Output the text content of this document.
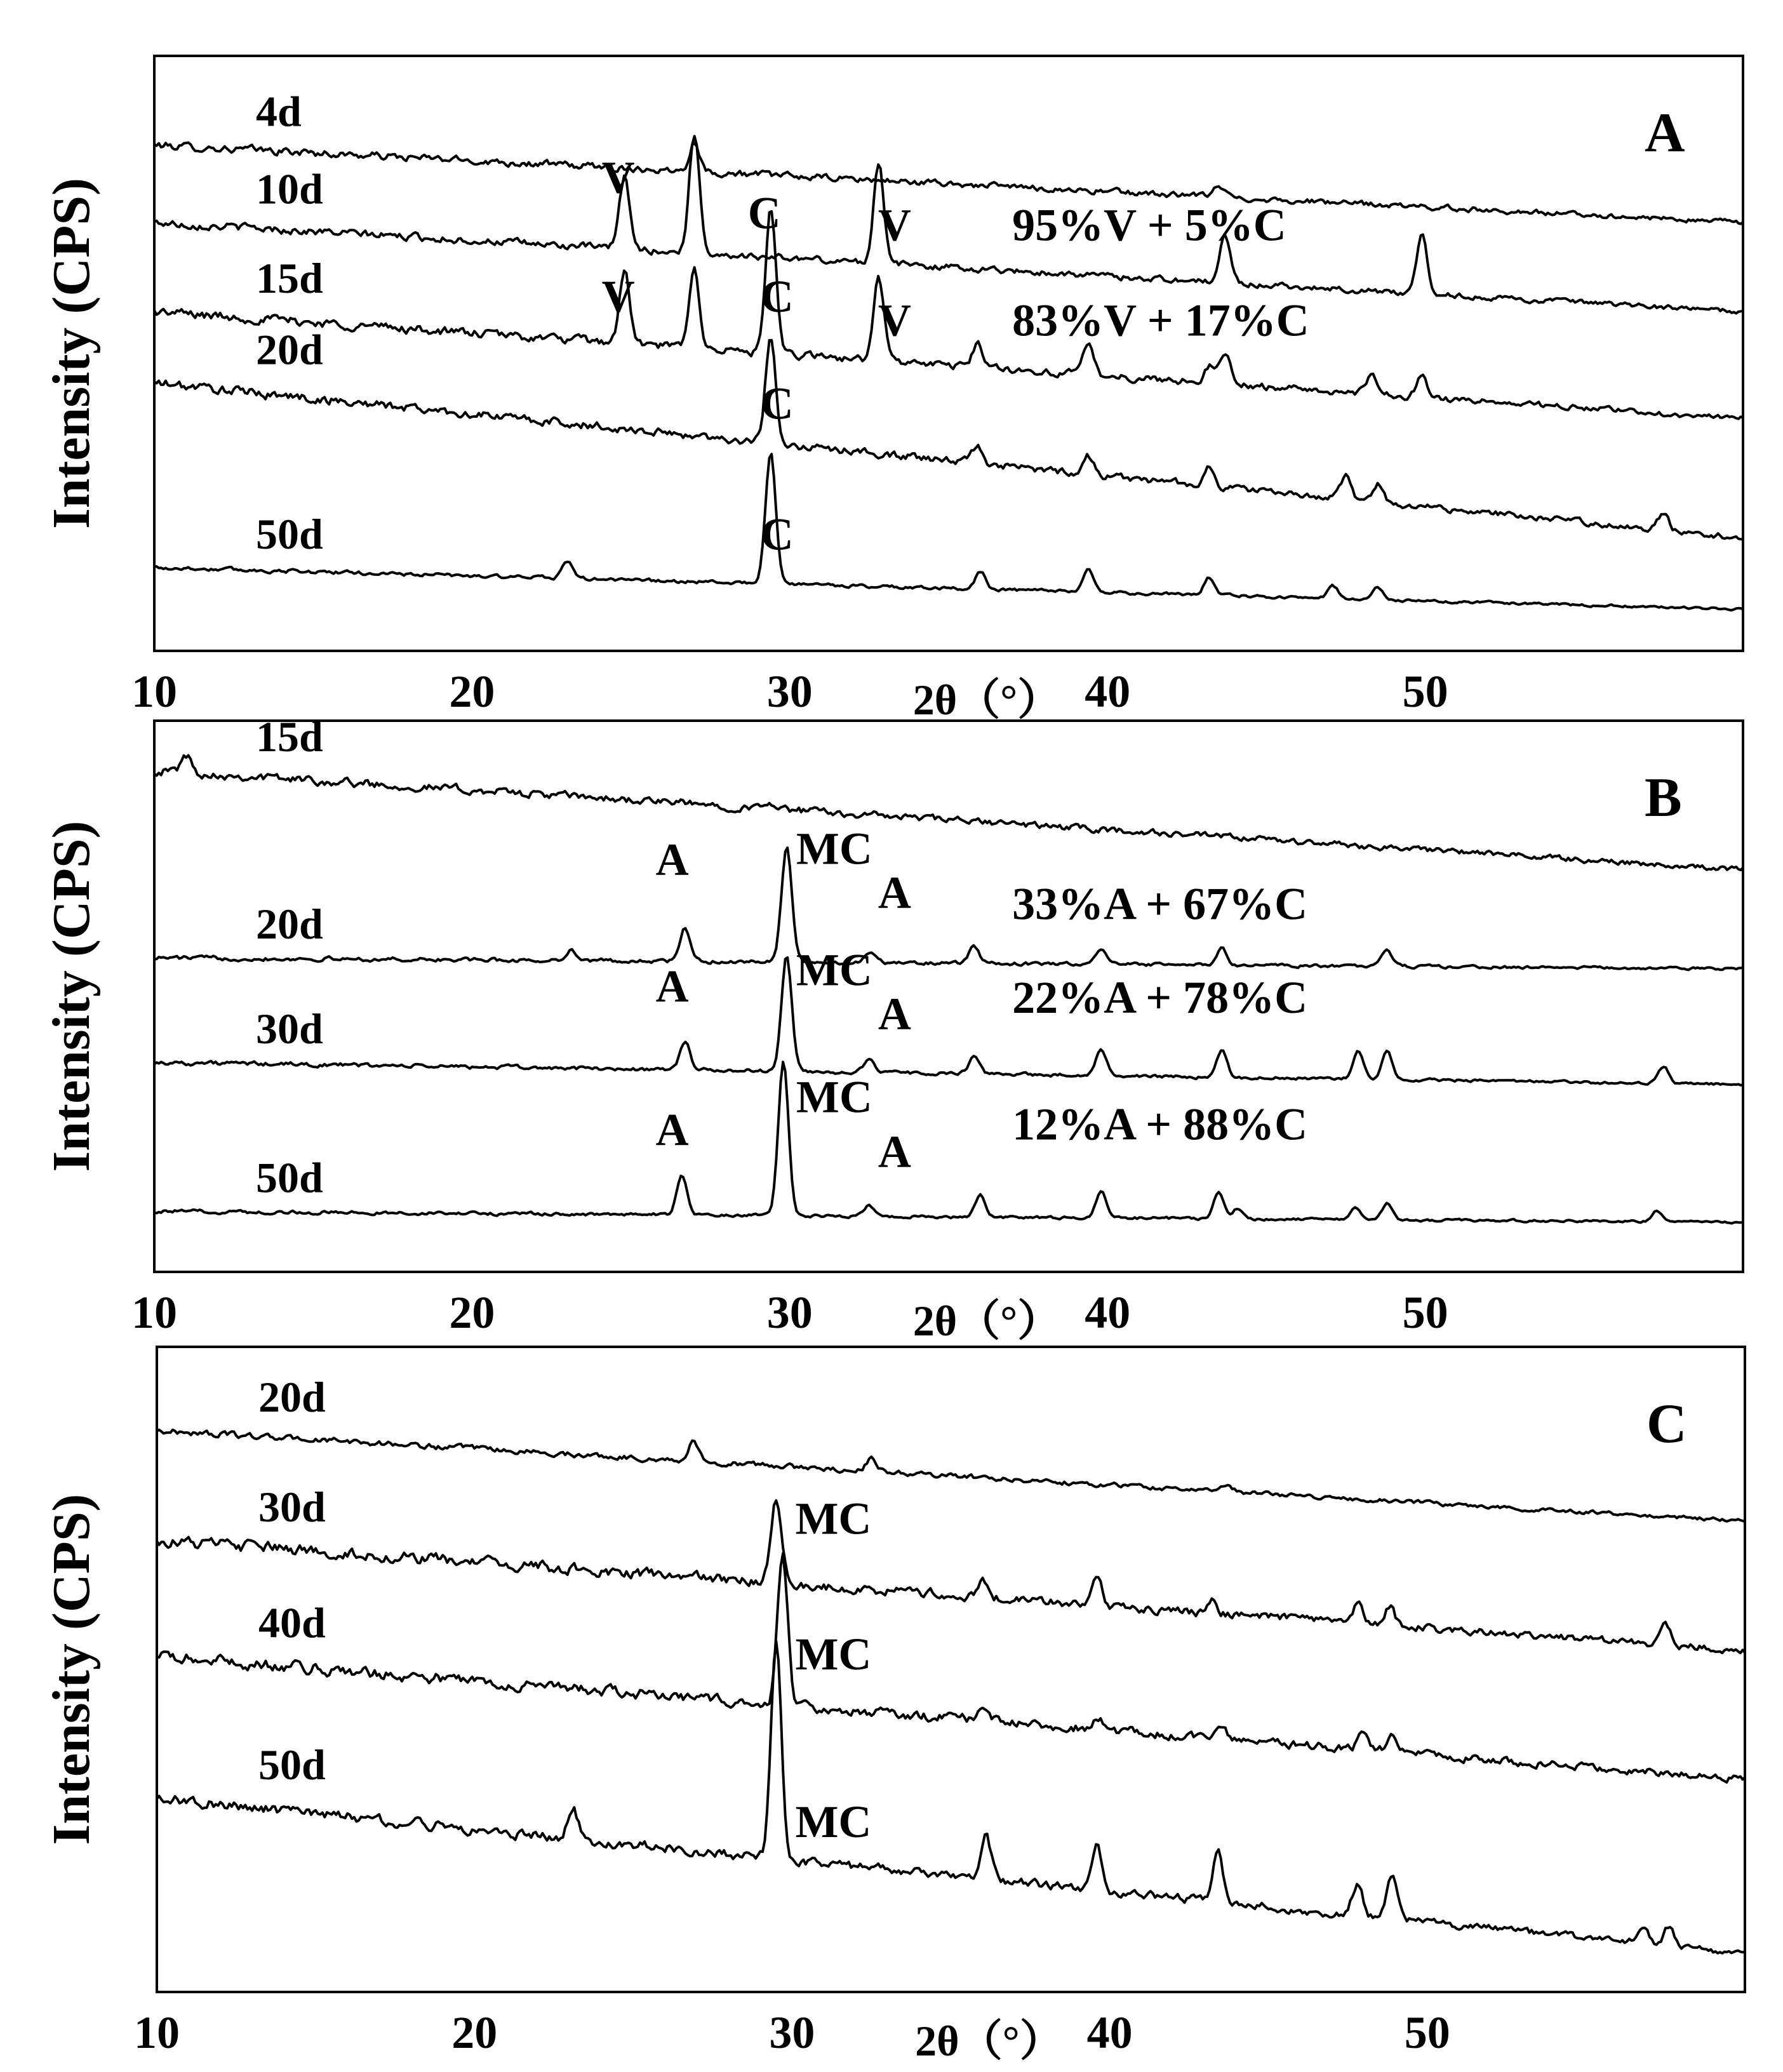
4d
10d
15d
20d
50d
V
C V
V	C V
C
C
95%V + 5%C
83%V + 17%C
A
10	20	30	40	50
2θ（°）
Intensity (CPS)
15d
20d
30d
50d
A MC
A
A MC
A
A
MC
A
33%A + 67%C
22%A + 78%C
12%A + 88%C
B
10	20	30	40	50
2θ（°）
Intensity (CPS)
20d
30d
40d
50d
MC
MC
MC
C
10	20	30	40	50
2θ（°）
Intensity (CPS)
